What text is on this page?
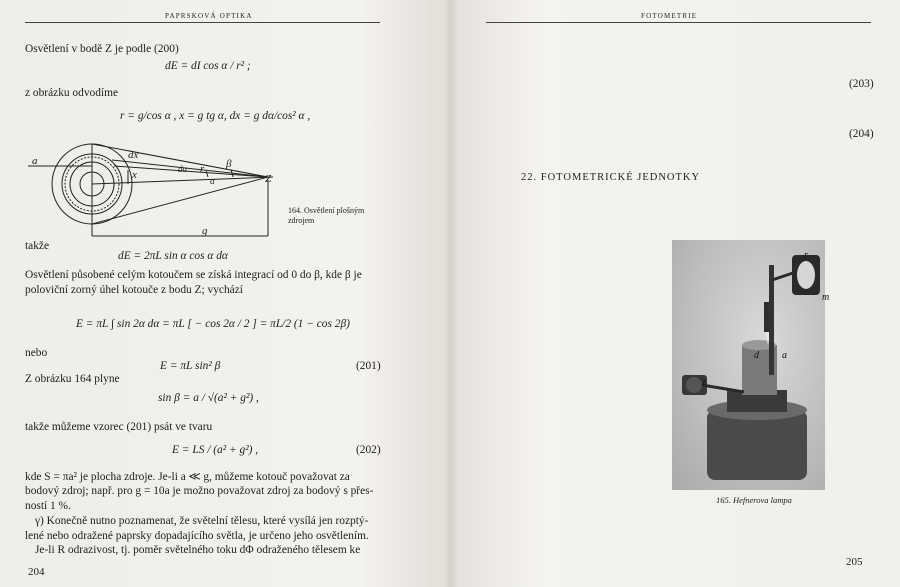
PAPRSKOVÁ OPTIKA
Osvětlení v bodě Z je podle (200)
dE = dI cos α / r² ;
z obrázku odvodíme
r = g/cos α , x = g tg α, dx = g dα/cos² α ,
a	dx
x	dα r β
α	Z
g
164. Osvětlení plošným zdrojem
takže
dE = 2πL sin α cos α dα
Osvětlení působené celým kotoučem se získá integrací od 0 do β, kde β je
poloviční zorný úhel kotouče z bodu Z; vychází
E = πL ∫ sin 2α dα = πL [ − cos 2α / 2 ] = πL/2 (1 − cos 2β)
nebo
E = πL sin² β	(201)
Z obrázku 164 plyne
sin β = a / √(a² + g²) ,
takže můžeme vzorec (201) psát ve tvaru
E = LS / (a² + g²) ,	(202)
kde S = πa² je plocha zdroje. Je-li a ≪ g, můžeme kotouč považovat za
bodový zdroj; např. pro g = 10a je možno považovat zdroj za bodový s přes-
ností 1 %.
γ) Konečně nutno poznamenat, že světelní tělesu, které vysílá jen rozptý-
lené nebo odražené paprsky dopadajícího světla, je určeno jeho osvětlením.
Je-li R odrazivost, tj. poměr světelného toku dΦ odraženého tělesem ke
204
FOTOMETRIE
(203)
(204)
22. FOTOMETRICKÉ JEDNOTKY
165. Hefnerova lampa
205
r
m
d a
z
